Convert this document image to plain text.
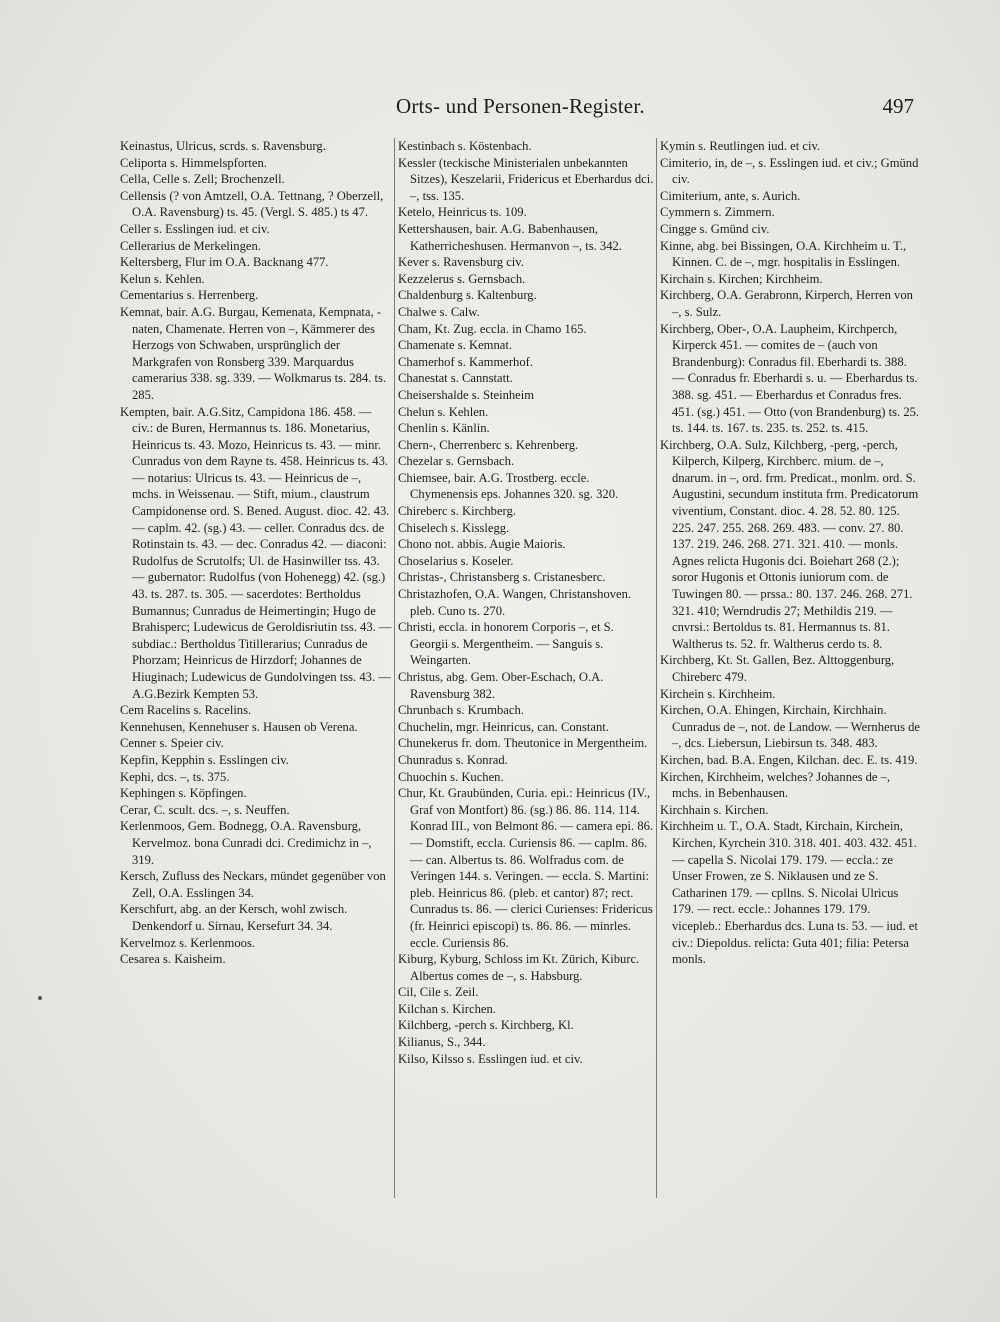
Orts- und Personen-Register.	497

Keinastus, Ulricus, scrds. s. Ravensburg.

Celiporta s. Himmelspforten.

Cella, Celle s. Zell; Brochenzell.

Cellensis (? von Amtzell, O.A. Tettnang, ? Oberzell, O.A. Ravensburg) ts. 45. (Vergl. S. 485.) ts 47.

Celler s. Esslingen iud. et civ.

Cellerarius de Merkelingen.

Keltersberg, Flur im O.A. Backnang 477.

Kelun s. Kehlen.

Cementarius s. Herrenberg.

Kemnat, bair. A.G. Burgau, Kemenata, Kempnata, -naten, Chamenate. Herren von –, Kämmerer des Herzogs von Schwaben, ursprünglich der Markgrafen von Ronsberg 339. Marquardus camerarius 338. sg. 339. — Wolkmarus ts. 284. ts. 285.

Kempten, bair. A.G.Sitz, Campidona 186. 458. — civ.: de Buren, Hermannus ts. 186. Monetarius, Heinricus ts. 43. Mozo, Heinricus ts. 43. — minr. Cunradus von dem Rayne ts. 458. Heinricus ts. 43. — notarius: Ulricus ts. 43. — Heinricus de –, mchs. in Weissenau. — Stift, mium., claustrum Campidonense ord. S. Bened. August. dioc. 42. 43. — caplm. 42. (sg.) 43. — celler. Conradus dcs. de Rotinstain ts. 43. — dec. Conradus 42. — diaconi: Rudolfus de Scrutolfs; Ul. de Hasinwiller tss. 43. — gubernator: Rudolfus (von Hohenegg) 42. (sg.) 43. ts. 287. ts. 305. — sacerdotes: Bertholdus Bumannus; Cunradus de Heimertingin; Hugo de Brahisperc; Ludewicus de Geroldisriutin tss. 43. — subdiac.: Bertholdus Titillerarius; Cunradus de Phorzam; Heinricus de Hirzdorf; Johannes de Hiuginach; Ludewicus de Gundolvingen tss. 43. — A.G.Bezirk Kempten 53.

Cem Racelins s. Racelins.

Kennehusen, Kennehuser s. Hausen ob Verena.

Cenner s. Speier civ.

Kepfin, Kepphin s. Esslingen civ.

Kephi, dcs. –, ts. 375.

Kephingen s. Köpfingen.

Cerar, C. scult. dcs. –, s. Neuffen.

Kerlenmoos, Gem. Bodnegg, O.A. Ravensburg, Kervelmoz. bona Cunradi dci. Credimichz in –, 319.

Kersch, Zufluss des Neckars, mündet gegenüber von Zell, O.A. Esslingen 34.

Kerschfurt, abg. an der Kersch, wohl zwisch. Denkendorf u. Sirnau, Kersefurt 34. 34.

Kervelmoz s. Kerlenmoos.

Cesarea s. Kaisheim.

Kestinbach s. Köstenbach.

Kessler (teckische Ministerialen unbekannten Sitzes), Keszelarii, Fridericus et Eberhardus dci. –, tss. 135.

Ketelo, Heinricus ts. 109.

Kettershausen, bair. A.G. Babenhausen, Katherricheshusen. Hermanvon –, ts. 342.

Kever s. Ravensburg civ.

Kezzelerus s. Gernsbach.

Chaldenburg s. Kaltenburg.

Chalwe s. Calw.

Cham, Kt. Zug. eccla. in Chamo 165.

Chamenate s. Kemnat.

Chamerhof s. Kammerhof.

Chanestat s. Cannstatt.

Cheisershalde s. Steinheim

Chelun s. Kehlen.

Chenlin s. Känlin.

Chern-, Cherrenberc s. Kehrenberg.

Chezelar s. Gernsbach.

Chiemsee, bair. A.G. Trostberg. eccle. Chymenensis eps. Johannes 320. sg. 320.

Chireberc s. Kirchberg.

Chiselech s. Kisslegg.

Chono not. abbis. Augie Maioris.

Choselarius s. Koseler.

Christas-, Christansberg s. Cristanesberc.

Christazhofen, O.A. Wangen, Christanshoven. pleb. Cuno ts. 270.

Christi, eccla. in honorem Corporis –, et S. Georgii s. Mergentheim. — Sanguis s. Weingarten.

Christus, abg. Gem. Ober-Eschach, O.A. Ravensburg 382.

Chrunbach s. Krumbach.

Chuchelin, mgr. Heinricus, can. Constant.

Chunekerus fr. dom. Theutonice in Mergentheim.

Chunradus s. Konrad.

Chuochin s. Kuchen.

Chur, Kt. Graubünden, Curia. epi.: Heinricus (IV., Graf von Montfort) 86. (sg.) 86. 86. 114. 114. Konrad III., von Belmont 86. — camera epi. 86. — Domstift, eccla. Curiensis 86. — caplm. 86. — can. Albertus ts. 86. Wolfradus com. de Veringen 144. s. Veringen. — eccla. S. Martini: pleb. Heinricus 86. (pleb. et cantor) 87; rect. Cunradus ts. 86. — clerici Curienses: Fridericus (fr. Heinrici episcopi) ts. 86. 86. — minrles. eccle. Curiensis 86.

Kiburg, Kyburg, Schloss im Kt. Zürich, Kiburc. Albertus comes de –, s. Habsburg.

Cil, Cile s. Zeil.

Kilchan s. Kirchen.

Kilchberg, -perch s. Kirchberg, Kl.

Kilianus, S., 344.

Kilso, Kilsso s. Esslingen iud. et civ.

Kymin s. Reutlingen iud. et civ.

Cimiterio, in, de –, s. Esslingen iud. et civ.; Gmünd civ.

Cimiterium, ante, s. Aurich.

Cymmern s. Zimmern.

Cingge s. Gmünd civ.

Kinne, abg. bei Bissingen, O.A. Kirchheim u. T., Kinnen. C. de –, mgr. hospitalis in Esslingen.

Kirchain s. Kirchen; Kirchheim.

Kirchberg, O.A. Gerabronn, Kirperch, Herren von –, s. Sulz.

Kirchberg, Ober-, O.A. Laupheim, Kirchperch, Kirperck 451. — comites de – (auch von Brandenburg): Conradus fil. Eberhardi ts. 388. — Conradus fr. Eberhardi s. u. — Eberhardus ts. 388. sg. 451. — Eberhardus et Conradus fres. 451. (sg.) 451. — Otto (von Brandenburg) ts. 25. ts. 144. ts. 167. ts. 235. ts. 252. ts. 415.

Kirchberg, O.A. Sulz, Kilchberg, -perg, -perch, Kilperch, Kilperg, Kirchberc. mium. de –, dnarum. in –, ord. frm. Predicat., monlm. ord. S. Augustini, secundum instituta frm. Predicatorum viventium, Constant. dioc. 4. 28. 52. 80. 125. 225. 247. 255. 268. 269. 483. — conv. 27. 80. 137. 219. 246. 268. 271. 321. 410. — monls. Agnes relicta Hugonis dci. Boiehart 268 (2.); soror Hugonis et Ottonis iuniorum com. de Tuwingen 80. — prssa.: 80. 137. 246. 268. 271. 321. 410; Werndrudis 27; Methildis 219. — cnvrsi.: Bertoldus ts. 81. Hermannus ts. 81. Waltherus ts. 52. fr. Waltherus cerdo ts. 8.

Kirchberg, Kt. St. Gallen, Bez. Alttoggenburg, Chireberc 479.

Kirchein s. Kirchheim.

Kirchen, O.A. Ehingen, Kirchain, Kirchhain. Cunradus de –, not. de Landow. — Wernherus de –, dcs. Liebersun, Liebirsun ts. 348. 483.

Kirchen, bad. B.A. Engen, Kilchan. dec. E. ts. 419.

Kirchen, Kirchheim, welches? Johannes de –, mchs. in Bebenhausen.

Kirchhain s. Kirchen.

Kirchheim u. T., O.A. Stadt, Kirchain, Kirchein, Kirchen, Kyrchein 310. 318. 401. 403. 432. 451. — capella S. Nicolai 179. 179. — eccla.: ze Unser Frowen, ze S. Niklausen und ze S. Catharinen 179. — cpllns. S. Nicolai Ulricus 179. — rect. eccle.: Johannes 179. 179. vicepleb.: Eberhardus dcs. Luna ts. 53. — iud. et civ.: Diepoldus. relicta: Guta 401; filia: Petersa monls.
